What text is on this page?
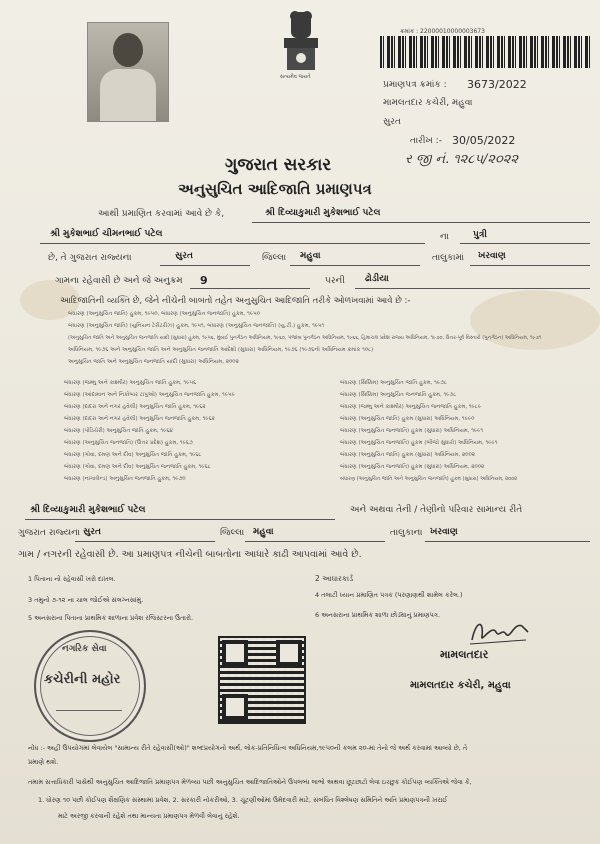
સત્યમેવ જયતે
ક્રમાંક : 22000010000003673
પ્રમાણપત્ર ક્રમાંક : 3673/2022
મામલતદાર કચેરી, મહુવા
સુરત
તારીખ :- 30/05/2022
ર જી નં. ૧૨૮૫/૨૦૨૨
ગુજરાત સરકાર
અનુસુચિત આદિજાતિ પ્રમાણપત્ર
આથી પ્રમાણિત કરવામાં આવે છે કે,	શ્રી દિવ્યાકુમારી મુકેશભાઈ પટેલ
શ્રી મુકેશભાઈ ચીમનભાઈ પટેલ	ના	પુત્રી
છે, તે ગુજરાત રાજ્યના	સુરત	જિલ્લા મહુવા	તાલુકામાં ખરવાણ
ગામના રહેવાસી છે અને જે અનુક્રમ 9	પરની ઢોડીયા
આદિજાતિની વ્યક્તિ છે, જેને નીચેની બાબતો તહેત અનુસુચિત આદિજાતિ તરીકે ઓળખવામાં આવે છે :-
બંધારણ (અનુસુચિત જાતિ) હુકમ, ૧૯૫૦, બંધારણ (અનુસુચિત જનજાતિ) હુકમ, ૧૯૫૦
બંધારણ (અનુસુચિત જાતિ) (યુનિયન ટેરીટરીઝ) હુકમ, ૧૯૫૧, બંધારણ (અનુસુચિત જનજાતિ) (યુ.ટી.) હુકમ, ૧૯૫૧
(અનુસુચિત જાતિ અને અનુસુચિત જનજાતિ યાદી (સુધારા) હુકમ, ૧૯૫૬, મુંબઈ પુનર્ગઠન અધિનિયમ, ૧૯૬૦, પંજાબ પુનર્ગઠન અધિનિયમ, ૧૯૬૬, હિમાચલ પ્રદેશ રાજ્ય અધિનિયમ, ૧૯૭૦, ઉત્તર-પૂર્વ વિસ્તારો (પુનર્ગઠન) અધિનિયમ, ૧૯૭૧
અધિનિયમ, ૧૯૭૬ અને અનુસુચિત જાતિ અને અનુસુચિત જનજાતિ આદેશો (સુધારા) અધિનિયમ, ૧૯૭૬ (૧૯૭૬નો અધિનિયમ ક્રમાંક ૧૦૮)
અનુસુચિત જાતિ અને અનુસુચિત જનજાતિ યાદી (સુધારા) અધિનિયમ, ૨૦૦૨
બંધારણ (જમ્મુ અને કાશ્મીર) અનુસુચિત જાતિ હુકમ, ૧૯૫૬
બંધારણ (આંદામાન અને નિકોબાર ટાપુઓ) અનુસુચિત જનજાતિ હુકમ, ૧૯૫૯
બંધારણ (દાદરા અને નગર હવેલી) અનુસુચિત જાતિ હુકમ, ૧૯૬૨
બંધારણ (દાદરા અને નગર હવેલી) અનુસુચિત જનજાતિ હુકમ, ૧૯૬૨
બંધારણ (પોંડિચેરી) અનુસુચિત જાતિ હુકમ, ૧૯૬૪
બંધારણ (અનુસુચિત જનજાતિ) (ઉત્તર પ્રદેશ) હુકમ, ૧૯૬૭
બંધારણ (ગોવા, દમણ અને દીવ) અનુસુચિત જાતિ હુકમ, ૧૯૬૮
બંધારણ (ગોવા, દમણ અને દીવ) અનુસુચિત જનજાતિ હુકમ, ૧૯૬૮
બંધારણ (નાગાલેન્ડ) અનુસુચિત જનજાતિ હુકમ, ૧૯૭૦
બંધારણ (સિક્કિમ) અનુસુચિત જાતિ હુકમ, ૧૯૭૮
બંધારણ (સિક્કિમ) અનુસુચિત જનજાતિ હુકમ, ૧૯૭૮
બંધારણ (જમ્મુ અને કાશ્મીર) અનુસુચિત જનજાતિ હુકમ, ૧૯૮૯
બંધારણ (અનુસુચિત જાતિ) હુકમ (સુધારા) અધિનિયમ, ૧૯૯૦
બંધારણ (અનુસુચિત જનજાતિ) હુકમ (સુધારા) અધિનિયમ, ૧૯૯૧
બંધારણ (અનુસુચિત જનજાતિ) હુકમ (બીજો સુધારો) અધિનિયમ, ૧૯૯૧
બંધારણ (અનુસુચિત જાતિ) હુકમ (સુધારા) અધિનિયમ, ૨૦૦૨
બંધારણ (અનુસુચિત જનજાતિ) હુકમ (સુધારા) અધિનિયમ, ૨૦૦૨
બંધારણ (અનુસુચિત જાતિ અને અનુસુચિત જનજાતિ) હુકમ (સુધારા) અધિનિયમ, ૨૦૦૨
શ્રી દિવ્યાકુમારી મુકેશભાઈ પટેલ	અને અથવા તેની / તેણીનો પરિવાર સામાન્ય રીતે
ગુજરાત રાજ્યના સુરત	જિલ્લા મહુવા	તાલુકાના ખરવાણ
ગામ / નગરની રહેવાસી છે. આ પ્રમાણપત્ર નીચેની બાબતોના આધારે કાઢી આપવામાં આવે છે.
1 પિતાના નો રહેવાસી ખરો દાખલ.	2 આધારકાર્ડ
3 તમુનો ૭-૧૨ ના ચાલ જોઈએ સંલગ્નસાંમું.
4 તલાટી ધ્યાન પ્રમાણિત પત્રક (પરણાણથી શામેલ કરેલ.)
5 અનસરાના પિતાના પ્રાથમિક શાળાના પ્રવેશ રજિસ્ટરના ઉતારો.	6 અનસરાના પ્રાથમિક શાળા છોડ્યાનું પ્રમાણપત્ર.
નગરિક સેવા
કચેરીની મહોર
મામલતદાર
મામલતદાર કચેરી, મહુવા
નોંધ :- અહીં ઉપયોગમાં લેવાયેલ "સામાન્ય રીતે રહેવાસી(ઓ)" શબ્દપ્રયોગનો અર્થ, લોક-પ્રતિનિધિત્વ અધિનિયમ,૧૯૫૦ની કલમ ૨૦-માં તેનો જે અર્થ કરવામાં આવ્યો છે, તે
પ્રમાણે થશે.
તમામ સત્તાધિકારી પાસેથી અનુસુચિત આદિજાતિ પ્રમાણપત્ર મેળવ્યા પછી અનુસુચિત આદિજાતિઓને ઉપલબ્ધ લાભો અથવા છૂટછાટો લેવા ઇચ્છુક કોઈપણ વ્યક્તિએ જેવા કે,
1. ધોરણ ૧૦ પછી કોઈપણ શૈક્ષણિક સંસ્થામાં પ્રવેશ, 2. સરકારી નોકરીઓ, 3. ચૂંટણીઓમાં ઉમેદવારી માટે, સંબંધિત વિશ્લેષણ સમિતિને અતિ પ્રમાણપત્રની ખરાઈ
માટે અરજી કરવાની રહેશે તથા માન્યતા પ્રમાણપત્ર મેળવી લેવાનું રહેશે.
